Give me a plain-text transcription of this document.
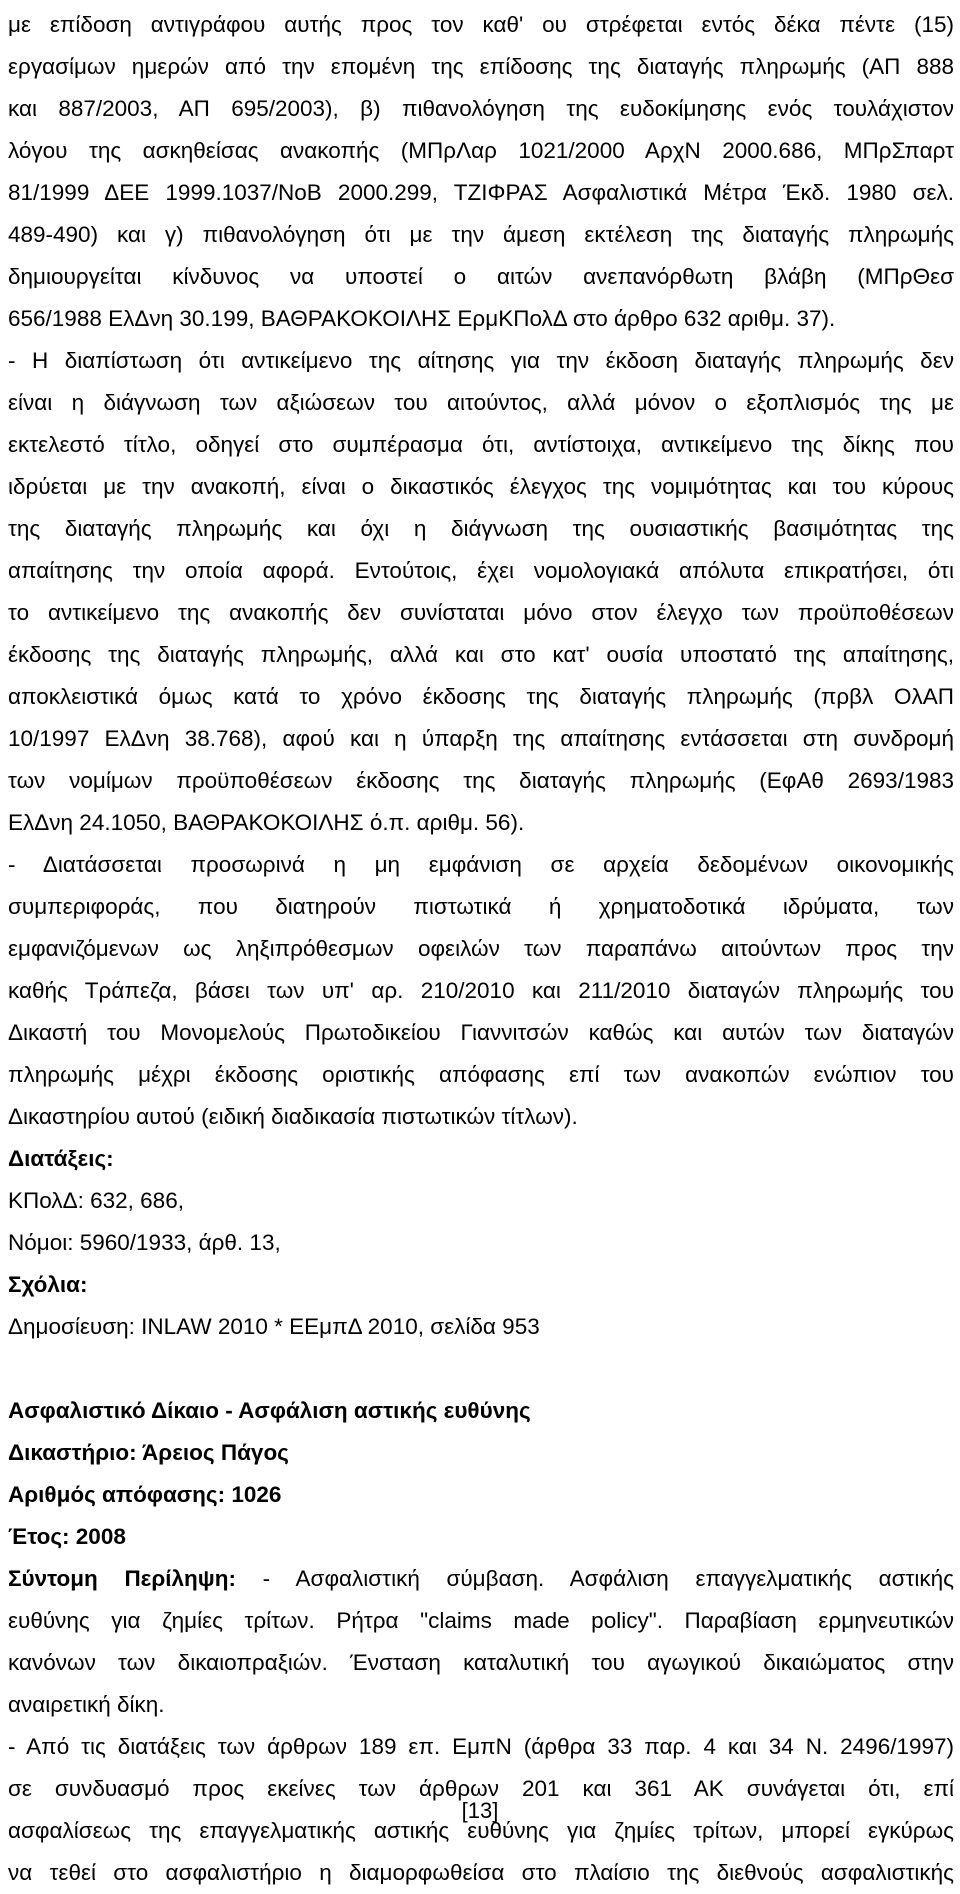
με επίδοση αντιγράφου αυτής προς τον καθ' ου στρέφεται εντός δέκα πέντε (15)
εργασίμων ημερών από την επομένη της επίδοσης της διαταγής πληρωμής (ΑΠ 888
και 887/2003, ΑΠ 695/2003), β) πιθανολόγηση της ευδοκίμησης ενός τουλάχιστον
λόγου της ασκηθείσας ανακοπής (ΜΠρΛαρ 1021/2000 ΑρχΝ 2000.686, ΜΠρΣπαρτ
81/1999 ΔΕΕ 1999.1037/ΝοΒ 2000.299, ΤΖΙΦΡΑΣ Ασφαλιστικά Μέτρα Έκδ. 1980 σελ.
489-490) και γ) πιθανολόγηση ότι με την άμεση εκτέλεση της διαταγής πληρωμής
δημιουργείται κίνδυνος να υποστεί ο αιτών ανεπανόρθωτη βλάβη (ΜΠρΘεσ
656/1988 ΕλΔνη 30.199, ΒΑΘΡΑΚΟΚΟΙΛΗΣ ΕρμΚΠολΔ στο άρθρο 632 αριθμ. 37).
- Η διαπίστωση ότι αντικείμενο της αίτησης για την έκδοση διαταγής πληρωμής δεν
είναι η διάγνωση των αξιώσεων του αιτούντος, αλλά μόνον ο εξοπλισμός της με
εκτελεστό τίτλο, οδηγεί στο συμπέρασμα ότι, αντίστοιχα, αντικείμενο της δίκης που
ιδρύεται με την ανακοπή, είναι ο δικαστικός έλεγχος της νομιμότητας και του κύρους
της διαταγής πληρωμής και όχι η διάγνωση της ουσιαστικής βασιμότητας της
απαίτησης την οποία αφορά. Εντούτοις, έχει νομολογιακά απόλυτα επικρατήσει, ότι
το αντικείμενο της ανακοπής δεν συνίσταται μόνο στον έλεγχο των προϋποθέσεων
έκδοσης της διαταγής πληρωμής, αλλά και στο κατ' ουσία υποστατό της απαίτησης,
αποκλειστικά όμως κατά το χρόνο έκδοσης της διαταγής πληρωμής (πρβλ ΟλΑΠ
10/1997 ΕλΔνη 38.768), αφού και η ύπαρξη της απαίτησης εντάσσεται στη συνδρομή
των νομίμων προϋποθέσεων έκδοσης της διαταγής πληρωμής (ΕφΑθ 2693/1983
ΕλΔνη 24.1050, ΒΑΘΡΑΚΟΚΟΙΛΗΣ ό.π. αριθμ. 56).
- Διατάσσεται προσωρινά η μη εμφάνιση σε αρχεία δεδομένων οικονομικής
συμπεριφοράς, που διατηρούν πιστωτικά ή χρηματοδοτικά ιδρύματα, των
εμφανιζόμενων ως ληξιπρόθεσμων οφειλών των παραπάνω αιτούντων προς την
καθής Τράπεζα, βάσει των υπ' αρ. 210/2010 και 211/2010 διαταγών πληρωμής του
Δικαστή του Μονομελούς Πρωτοδικείου Γιαννιτσών καθώς και αυτών των διαταγών
πληρωμής μέχρι έκδοσης οριστικής απόφασης επί των ανακοπών ενώπιον του
Δικαστηρίου αυτού (ειδική διαδικασία πιστωτικών τίτλων).
Διατάξεις:
ΚΠολΔ: 632, 686,
Νόμοι: 5960/1933, άρθ. 13,
Σχόλια:
Δημοσίευση: INLAW 2010 * ΕΕμπΔ 2010, σελίδα 953
Ασφαλιστικό Δίκαιο - Ασφάλιση αστικής ευθύνης
Δικαστήριο: Άρειος Πάγος
Αριθμός απόφασης: 1026
Έτος: 2008
Σύντομη Περίληψη: - Ασφαλιστική σύμβαση. Ασφάλιση επαγγελματικής αστικής
ευθύνης για ζημίες τρίτων. Ρήτρα "claims made policy". Παραβίαση ερμηνευτικών
κανόνων των δικαιοπραξιών. Ένσταση καταλυτική του αγωγικού δικαιώματος στην
αναιρετική δίκη.
- Από τις διατάξεις των άρθρων 189 επ. ΕμπΝ (άρθρα 33 παρ. 4 και 34 Ν. 2496/1997)
σε συνδυασμό προς εκείνες των άρθρων 201 και 361 ΑΚ συνάγεται ότι, επί
ασφαλίσεως της επαγγελματικής αστικής ευθύνης για ζημίες τρίτων, μπορεί εγκύρως
να τεθεί στο ασφαλιστήριο η διαμορφωθείσα στο πλαίσιο της διεθνούς ασφαλιστικής
[13]
